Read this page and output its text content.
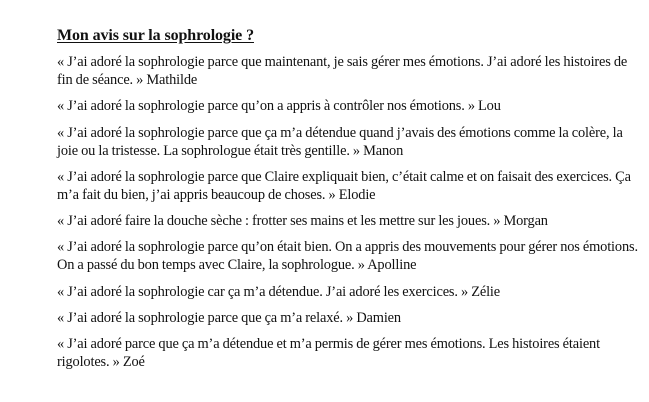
Mon avis sur la sophrologie ?
« J’ai adoré la sophrologie parce que maintenant, je sais gérer mes émotions. J’ai adoré les histoires de fin de séance. » Mathilde
« J’ai adoré la sophrologie parce qu’on a appris à contrôler nos émotions. » Lou
« J’ai adoré la sophrologie parce que ça m’a détendue quand j’avais des émotions comme la colère, la joie ou la tristesse. La sophrologue était très gentille. » Manon
« J’ai adoré la sophrologie parce que Claire expliquait bien, c’était calme et on faisait des exercices. Ça m’a fait du bien, j’ai appris beaucoup de choses. » Elodie
« J’ai adoré faire la douche sèche : frotter ses mains et les mettre sur les joues. » Morgan
« J’ai adoré la sophrologie parce qu’on était bien. On a appris des mouvements pour gérer nos émotions. On a passé du bon temps avec Claire, la sophrologue. » Apolline
« J’ai adoré la sophrologie car ça m’a détendue. J’ai adoré les exercices. » Zélie
« J’ai adoré la sophrologie parce que ça m’a relaxé. » Damien
« J’ai adoré parce que ça m’a détendue et m’a permis de gérer mes émotions. Les histoires étaient rigolotes. » Zoé
